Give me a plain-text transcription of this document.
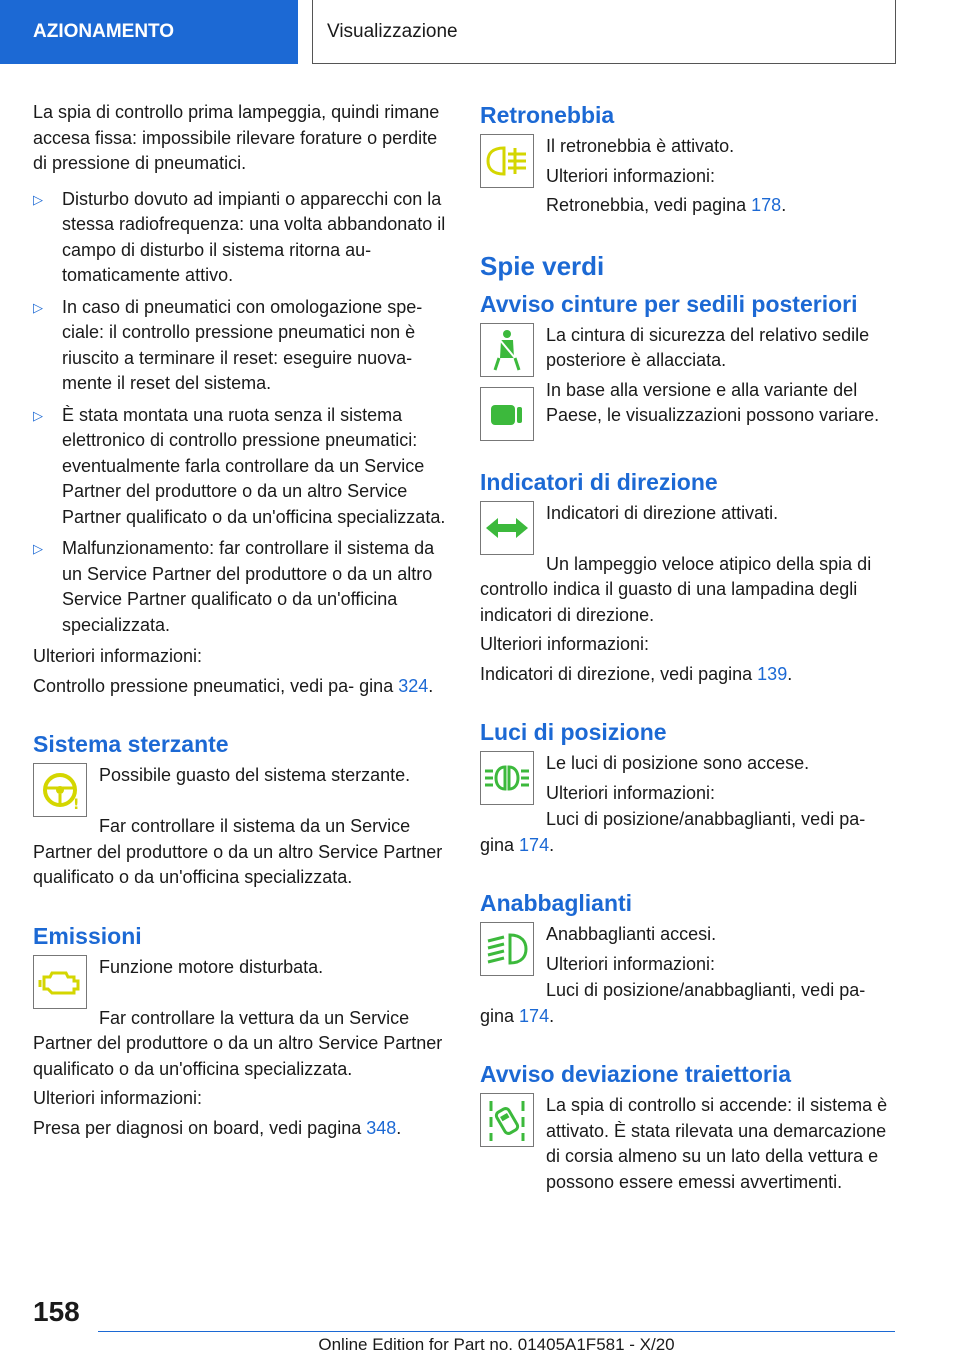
AZIONAMENTO	Visualizzazione

La spia di controllo prima lampeggia, quindi rimane accesa fissa: impossibile rilevare forature o perdite di pressione di pneumatici.

▷	Disturbo dovuto ad impianti o apparecchi con la stessa radiofrequenza: una volta abbandonato il campo di disturbo il sistema ritorna automaticamente attivo.

▷	In caso di pneumatici con omologazione speciale: il controllo pressione pneumatici non è riuscito a terminare il reset: eseguire nuovamente il reset del sistema.

▷	È stata montata una ruota senza il sistema elettronico di controllo pressione pneumatici: eventualmente farla controllare da un Service Partner del produttore o da un altro Service Partner qualificato o da un'officina specializzata.

▷	Malfunzionamento: far controllare il sistema da un Service Partner del produttore o da un altro Service Partner qualificato o da un'officina specializzata.

Ulteriori informazioni:

Controllo pressione pneumatici, vedi pa- gina 324.

Sistema sterzante
!

Possibile guasto del sistema sterzante.

Far controllare il sistema da un Service Partner del produttore o da un altro Service Partner qualificato o da un'officina specializzata.

Emissioni

Funzione motore disturbata.

Far controllare la vettura da un Service Partner del produttore o da un altro Service Partner qualificato o da un'officina specializzata.

Ulteriori informazioni:

Presa per diagnosi on board, vedi pagina 348.

Retronebbia

Il retronebbia è attivato.

Ulteriori informazioni:

Retronebbia, vedi pagina 178.

Spie verdi
Avviso cinture per sedili posteriori

La cintura di sicurezza del relativo sedile posteriore è allacciata.

In base alla versione e alla variante del Paese, le visualizzazioni possono variare.

Indicatori di direzione

Indicatori di direzione attivati.

Un lampeggio veloce atipico della spia di controllo indica il guasto di una lampadina degli indicatori di direzione.

Ulteriori informazioni:

Indicatori di direzione, vedi pagina 139.

Luci di posizione

Le luci di posizione sono accese.

Ulteriori informazioni:

Luci di posizione/anabbaglianti, vedi pa- gina 174.

Anabbaglianti

Anabbaglianti accesi.

Ulteriori informazioni:

Luci di posizione/anabbaglianti, vedi pa- gina 174.

Avviso deviazione traiettoria

La spia di controllo si accende: il sistema è attivato. È stata rilevata una demarcazione di corsia almeno su un lato della vettura e possono essere emessi avvertimenti.

158
Online Edition for Part no. 01405A1F581 - X/20
